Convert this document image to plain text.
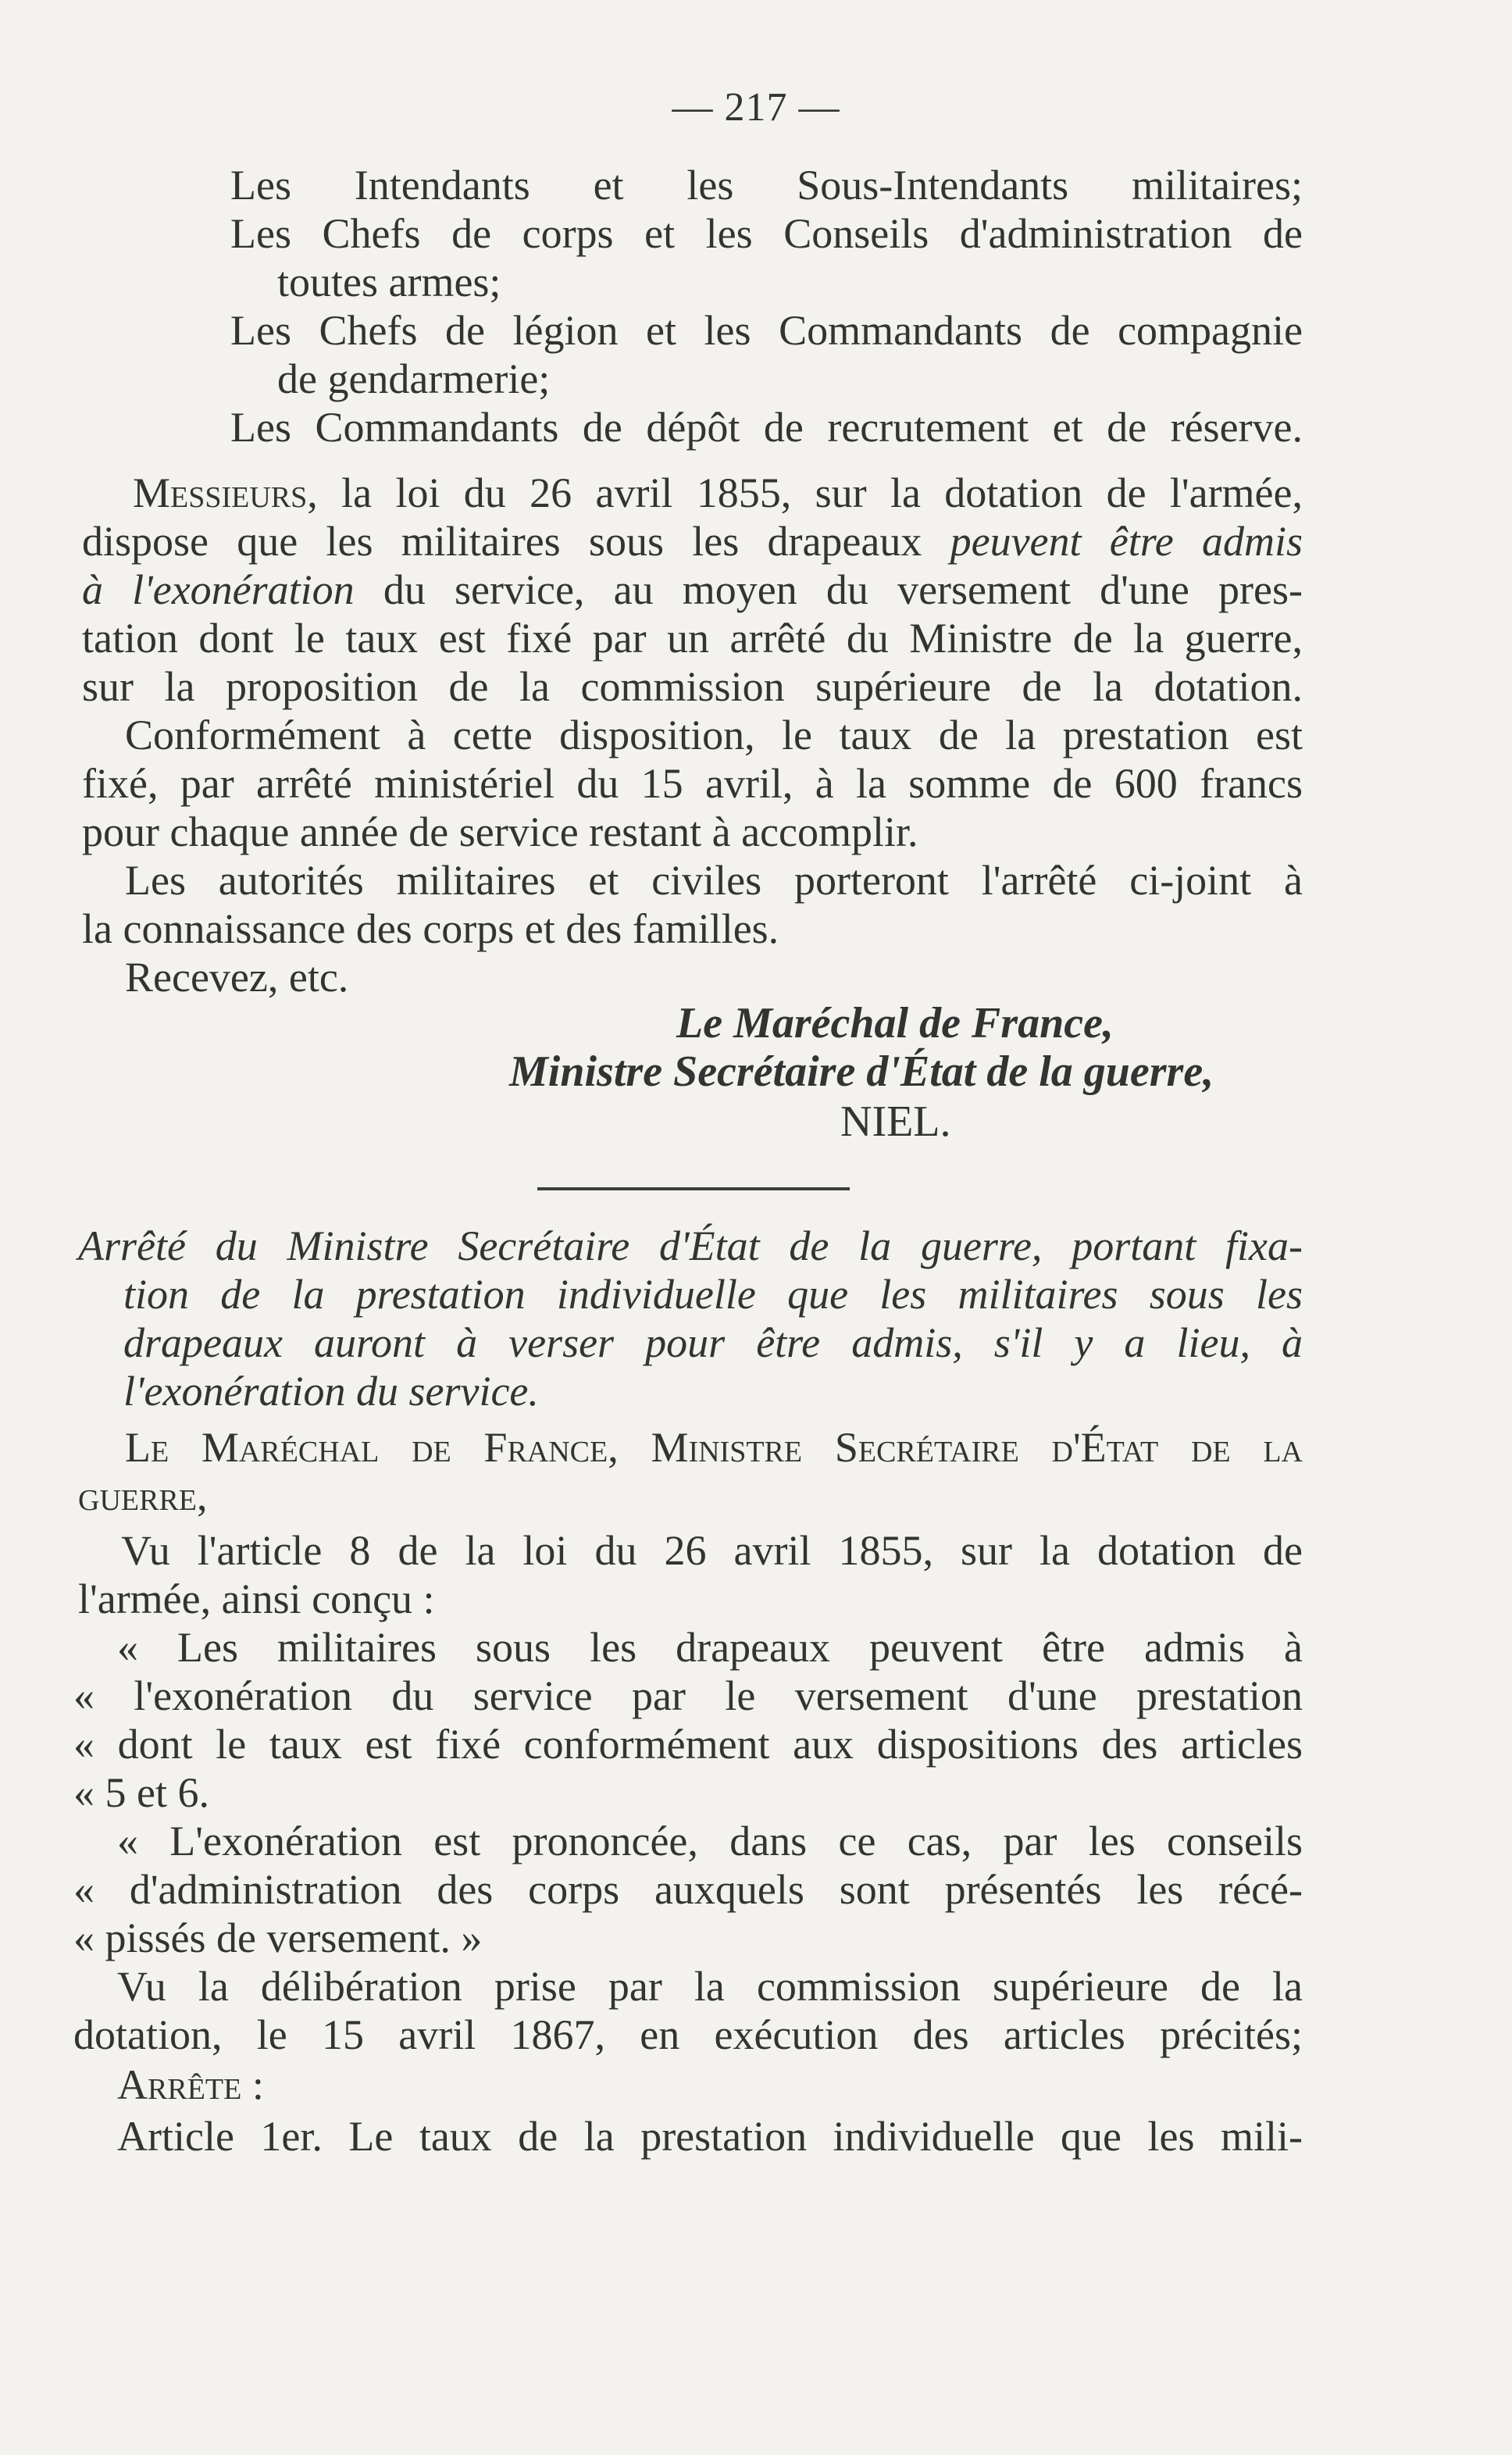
— 217 —
Les Intendants et les Sous-Intendants militaires;
Les Chefs de corps et les Conseils d'administration de
toutes armes;
Les Chefs de légion et les Commandants de compagnie
de gendarmerie;
Les Commandants de dépôt de recrutement et de réserve.
Messieurs, la loi du 26 avril 1855, sur la dotation de l'armée,
dispose que les militaires sous les drapeaux peuvent être admis
à l'exonération du service, au moyen du versement d'une pres-
tation dont le taux est fixé par un arrêté du Ministre de la guerre,
sur la proposition de la commission supérieure de la dotation.
Conformément à cette disposition, le taux de la prestation est
fixé, par arrêté ministériel du 15 avril, à la somme de 600 francs
pour chaque année de service restant à accomplir.
Les autorités militaires et civiles porteront l'arrêté ci-joint à
la connaissance des corps et des familles.
Recevez, etc.
Le Maréchal de France,
Ministre Secrétaire d'État de la guerre,
NIEL.
Arrêté du Ministre Secrétaire d'État de la guerre, portant fixa-
tion de la prestation individuelle que les militaires sous les
drapeaux auront à verser pour être admis, s'il y a lieu, à
l'exonération du service.
Le Maréchal de France, Ministre Secrétaire d'État de la
guerre,
Vu l'article 8 de la loi du 26 avril 1855, sur la dotation de
l'armée, ainsi conçu :
« Les militaires sous les drapeaux peuvent être admis à
« l'exonération du service par le versement d'une prestation
« dont le taux est fixé conformément aux dispositions des articles
« 5 et 6.
« L'exonération est prononcée, dans ce cas, par les conseils
« d'administration des corps auxquels sont présentés les récé-
« pissés de versement. »
Vu la délibération prise par la commission supérieure de la
dotation, le 15 avril 1867, en exécution des articles précités;
Arrête :
Article 1er. Le taux de la prestation individuelle que les mili-
